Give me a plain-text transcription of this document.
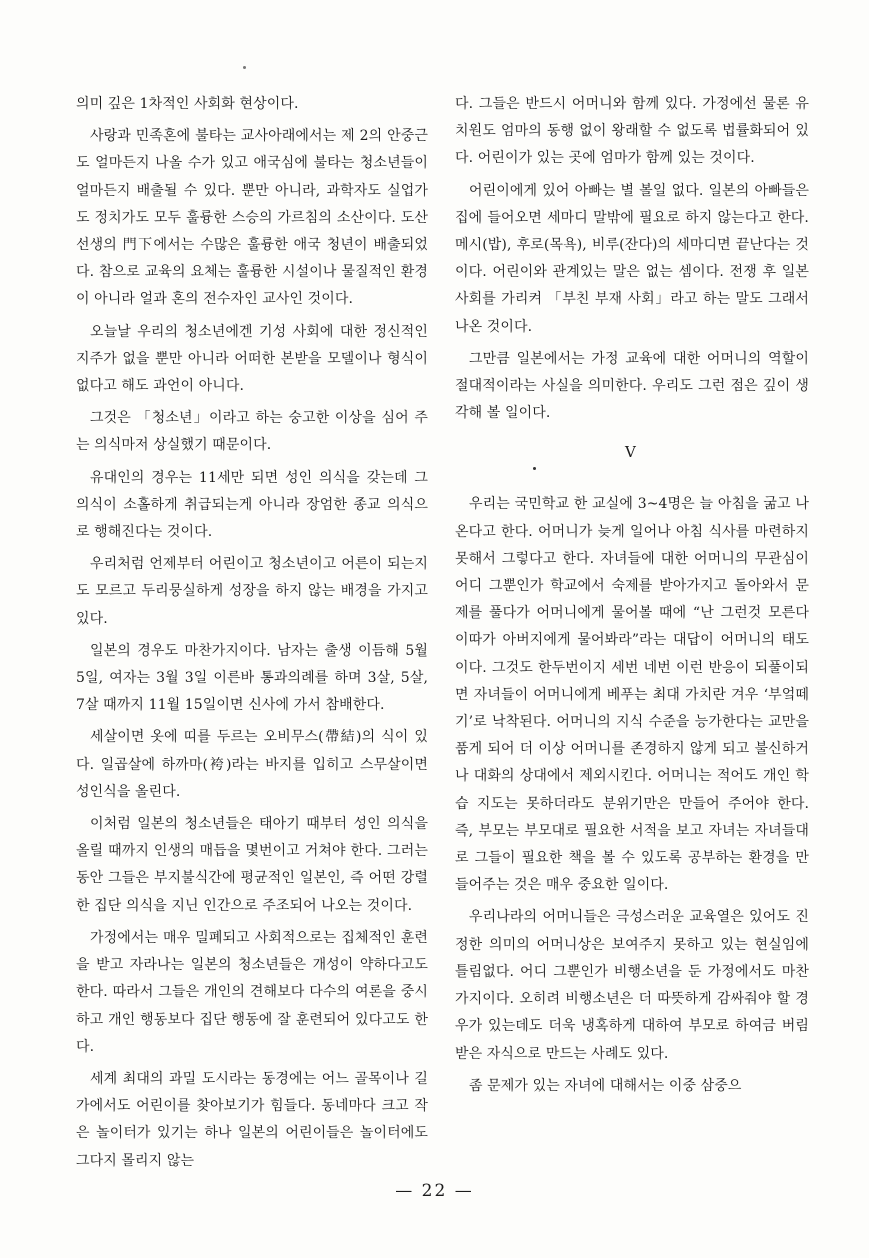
의미 깊은 1차적인 사회화 현상이다.

사랑과 민족혼에 불타는 교사아래에서는 제 2의 안중근도 얼마든지 나올 수가 있고 애국심에 불타는 청소년들이 얼마든지 배출될 수 있다. 뿐만 아니라, 과학자도 실업가도 정치가도 모두 훌륭한 스승의 가르침의 소산이다. 도산 선생의 門下에서는 수많은 훌륭한 애국 청년이 배출되었다. 참으로 교육의 요체는 훌륭한 시설이나 물질적인 환경이 아니라 얼과 혼의 전수자인 교사인 것이다.

오늘날 우리의 청소년에겐 기성 사회에 대한 정신적인 지주가 없을 뿐만 아니라 어떠한 본받을 모델이나 형식이 없다고 해도 과언이 아니다.

그것은 「청소년」이라고 하는 숭고한 이상을 심어 주는 의식마저 상실했기 때문이다.

유대인의 경우는 11세만 되면 성인 의식을 갖는데 그 의식이 소홀하게 취급되는게 아니라 장엄한 종교 의식으로 행해진다는 것이다.

우리처럼 언제부터 어린이고 청소년이고 어른이 되는지도 모르고 두리뭉실하게 성장을 하지 않는 배경을 가지고 있다.

일본의 경우도 마찬가지이다. 남자는 출생 이듬해 5월 5일, 여자는 3월 3일 이른바 통과의례를 하며 3살, 5살, 7살 때까지 11월 15일이면 신사에 가서 참배한다.

세살이면 옷에 띠를 두르는 오비무스(帶結)의 식이 있다. 일곱살에 하까마(袴)라는 바지를 입히고 스무살이면 성인식을 올린다.

이처럼 일본의 청소년들은 태아기 때부터 성인 의식을 올릴 때까지 인생의 매듭을 몇번이고 거쳐야 한다. 그러는 동안 그들은 부지불식간에 평균적인 일본인, 즉 어떤 강렬한 집단 의식을 지닌 인간으로 주조되어 나오는 것이다.

가정에서는 매우 밀폐되고 사회적으로는 집체적인 훈련을 받고 자라나는 일본의 청소년들은 개성이 약하다고도 한다. 따라서 그들은 개인의 견해보다 다수의 여론을 중시하고 개인 행동보다 집단 행동에 잘 훈련되어 있다고도 한다.

세계 최대의 과밀 도시라는 동경에는 어느 골목이나 길가에서도 어린이를 찾아보기가 힘들다. 동네마다 크고 작은 놀이터가 있기는 하나 일본의 어린이들은 놀이터에도 그다지 몰리지 않는

다. 그들은 반드시 어머니와 함께 있다. 가정에선 물론 유치원도 엄마의 동행 없이 왕래할 수 없도록 법률화되어 있다. 어린이가 있는 곳에 엄마가 함께 있는 것이다.

어린이에게 있어 아빠는 별 볼일 없다. 일본의 아빠들은 집에 들어오면 세마디 말밖에 필요로 하지 않는다고 한다. 메시(밥), 후로(목욕), 비루(잔다)의 세마디면 끝난다는 것이다. 어린이와 관계있는 말은 없는 셈이다. 전쟁 후 일본 사회를 가리켜 「부친 부재 사회」라고 하는 말도 그래서 나온 것이다.

그만큼 일본에서는 가정 교육에 대한 어머니의 역할이 절대적이라는 사실을 의미한다. 우리도 그런 점은 깊이 생각해 볼 일이다.

V

우리는 국민학교 한 교실에 3~4명은 늘 아침을 굶고 나온다고 한다. 어머니가 늦게 일어나 아침 식사를 마련하지 못해서 그렇다고 한다. 자녀들에 대한 어머니의 무관심이 어디 그뿐인가 학교에서 숙제를 받아가지고 돌아와서 문제를 풀다가 어머니에게 물어볼 때에 “난 그런것 모른다 이따가 아버지에게 물어봐라”라는 대답이 어머니의 태도이다. 그것도 한두번이지 세번 네번 이런 반응이 되풀이되면 자녀들이 어머니에게 베푸는 최대 가치란 겨우 ‘부엌떼기’로 낙착된다. 어머니의 지식 수준을 능가한다는 교만을 품게 되어 더 이상 어머니를 존경하지 않게 되고 불신하거나 대화의 상대에서 제외시킨다. 어머니는 적어도 개인 학습 지도는 못하더라도 분위기만은 만들어 주어야 한다. 즉, 부모는 부모대로 필요한 서적을 보고 자녀는 자녀들대로 그들이 필요한 책을 볼 수 있도록 공부하는 환경을 만들어주는 것은 매우 중요한 일이다.

우리나라의 어머니들은 극성스러운 교육열은 있어도 진정한 의미의 어머니상은 보여주지 못하고 있는 현실임에 틀림없다. 어디 그뿐인가 비행소년을 둔 가정에서도 마찬가지이다. 오히려 비행소년은 더 따뜻하게 감싸줘야 할 경우가 있는데도 더욱 냉혹하게 대하여 부모로 하여금 버림받은 자식으로 만드는 사례도 있다.

좀 문제가 있는 자녀에 대해서는 이중 삼중으

— 22 —
